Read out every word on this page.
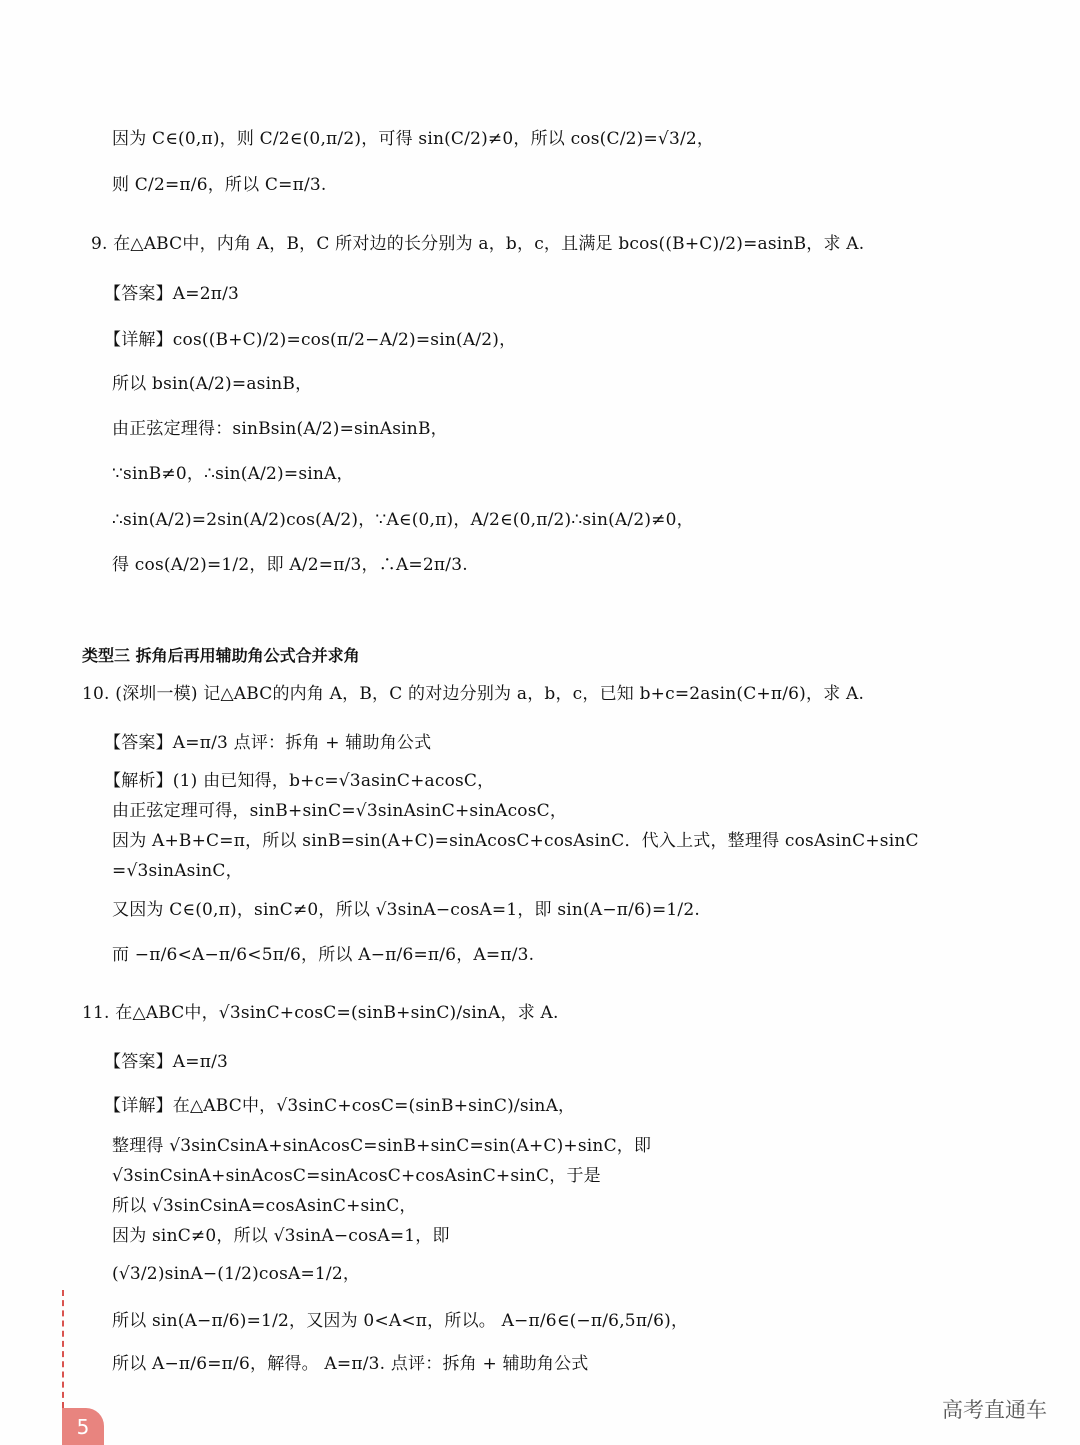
因为 C∈(0,π)，则 C/2∈(0,π/2)，可得 sin(C/2)≠0，所以 cos(C/2)=√3/2，
则 C/2=π/6，所以 C=π/3.
9. 在△ABC中，内角 A，B，C 所对边的长分别为 a，b，c，且满足 bcos((B+C)/2)=asinB，求 A.
【答案】A=2π/3
【详解】cos((B+C)/2)=cos(π/2−A/2)=sin(A/2)，
所以 bsin(A/2)=asinB，
由正弦定理得：sinBsin(A/2)=sinAsinB，
∵sinB≠0，∴sin(A/2)=sinA，
∴sin(A/2)=2sin(A/2)cos(A/2)，∵A∈(0,π)，A/2∈(0,π/2)∴sin(A/2)≠0，
得 cos(A/2)=1/2，即 A/2=π/3，∴A=2π/3.
类型三 拆角后再用辅助角公式合并求角
10. (深圳一模) 记△ABC的内角 A，B，C 的对边分别为 a，b，c，已知 b+c=2asin(C+π/6)，求 A.
【答案】A=π/3 点评：拆角 + 辅助角公式
【解析】(1) 由已知得，b+c=√3asinC+acosC，
由正弦定理可得，sinB+sinC=√3sinAsinC+sinAcosC，
因为 A+B+C=π，所以 sinB=sin(A+C)=sinAcosC+cosAsinC．代入上式，整理得 cosAsinC+sinC
=√3sinAsinC，
又因为 C∈(0,π)，sinC≠0，所以 √3sinA−cosA=1，即 sin(A−π/6)=1/2.
而 −π/6<A−π/6<5π/6，所以 A−π/6=π/6，A=π/3.
11. 在△ABC中，√3sinC+cosC=(sinB+sinC)/sinA，求 A.
【答案】A=π/3
【详解】在△ABC中，√3sinC+cosC=(sinB+sinC)/sinA，
整理得 √3sinCsinA+sinAcosC=sinB+sinC=sin(A+C)+sinC，即
√3sinCsinA+sinAcosC=sinAcosC+cosAsinC+sinC，于是
所以 √3sinCsinA=cosAsinC+sinC，
因为 sinC≠0，所以 √3sinA−cosA=1，即
(√3/2)sinA−(1/2)cosA=1/2，
所以 sin(A−π/6)=1/2，又因为 0<A<π，所以。 A−π/6∈(−π/6,5π/6)，
所以 A−π/6=π/6，解得。 A=π/3. 点评：拆角 + 辅助角公式
5
高考直通车
